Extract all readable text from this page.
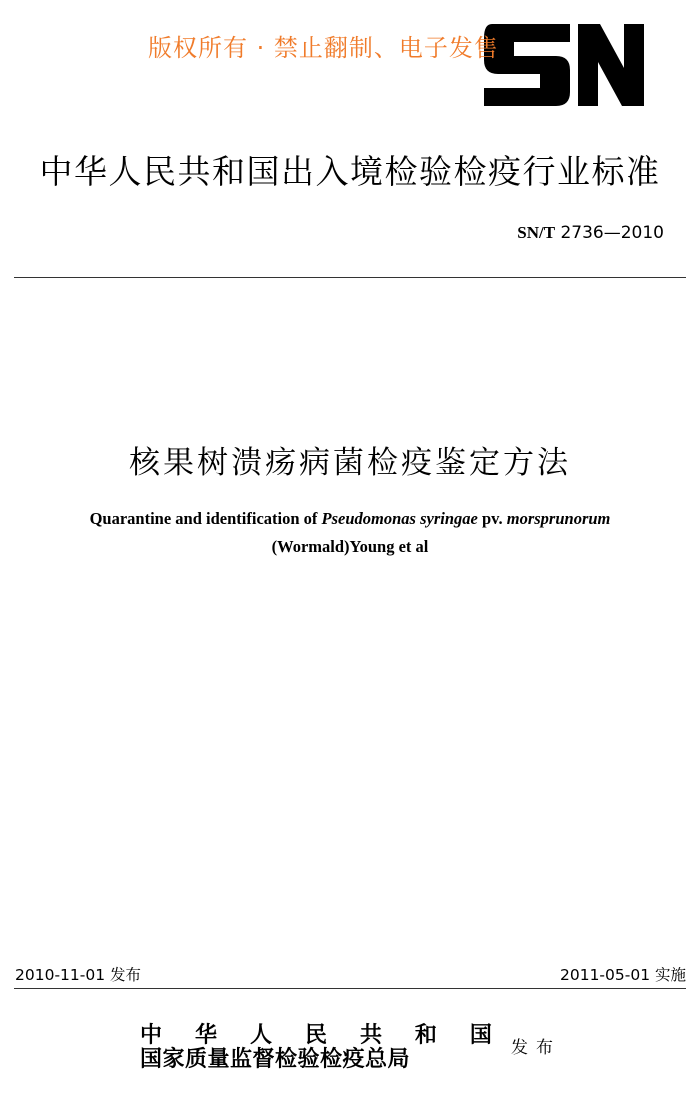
版权所有 · 禁止翻制、电子发售
中华人民共和国出入境检验检疫行业标准
SN/T 2736—2010
核果树溃疡病菌检疫鉴定方法
Quarantine and identification of Pseudomonas syringae pv. morsprunorum
(Wormald)Young et al
2010-11-01 发布	2011-05-01 实施
中 华 人 民 共 和 国
国家质量监督检验检疫总局	发布
